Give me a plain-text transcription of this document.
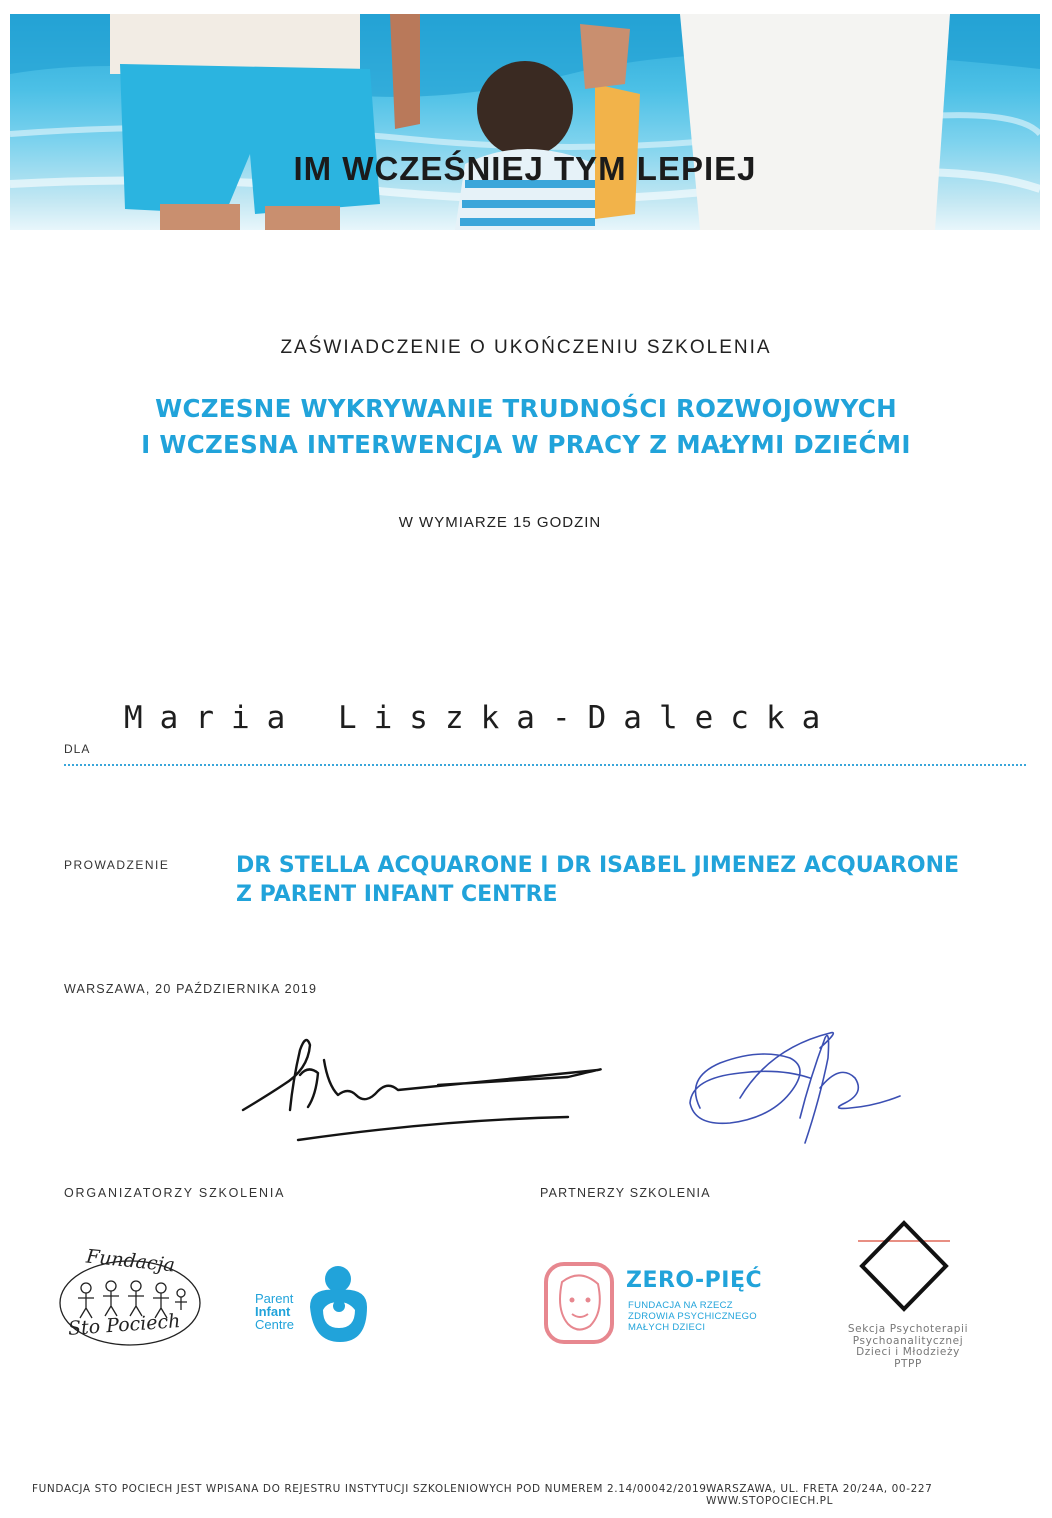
IM WCZEŚNIEJ TYM LEPIEJ
ZAŚWIADCZENIE O UKOŃCZENIU SZKOLENIA
WCZESNE WYKRYWANIE TRUDNOŚCI ROZWOJOWYCH
I WCZESNA INTERWENCJA W PRACY Z MAŁYMI DZIEĆMI
W WYMIARZE 15 GODZIN
DLA
Maria Liszka-Dalecka
PROWADZENIE	DR STELLA ACQUARONE I DR ISABEL JIMENEZ ACQUARONE
Z PARENT INFANT CENTRE
WARSZAWA, 20 PAŹDZIERNIKA 2019
ORGANIZATORZY SZKOLENIA	PARTNERZY SZKOLENIA
Fundacja
Sto Pociech
Parent
Infant
Centre
ZERO-PIĘĆ
FUNDACJA NA RZECZ
ZDROWIA PSYCHICZNEGO
MAŁYCH DZIECI	Sekcja Psychoterapii
Psychoanalitycznej
Dzieci i Młodzieży
PTPP
FUNDACJA STO POCIECH JEST WPISANA DO REJESTRU INSTYTUCJI SZKOLENIOWYCH POD NUMEREM 2.14/00042/2019 WARSZAWA, UL. FRETA 20/24A, 00-227 WWW.STOPOCIECH.PL
